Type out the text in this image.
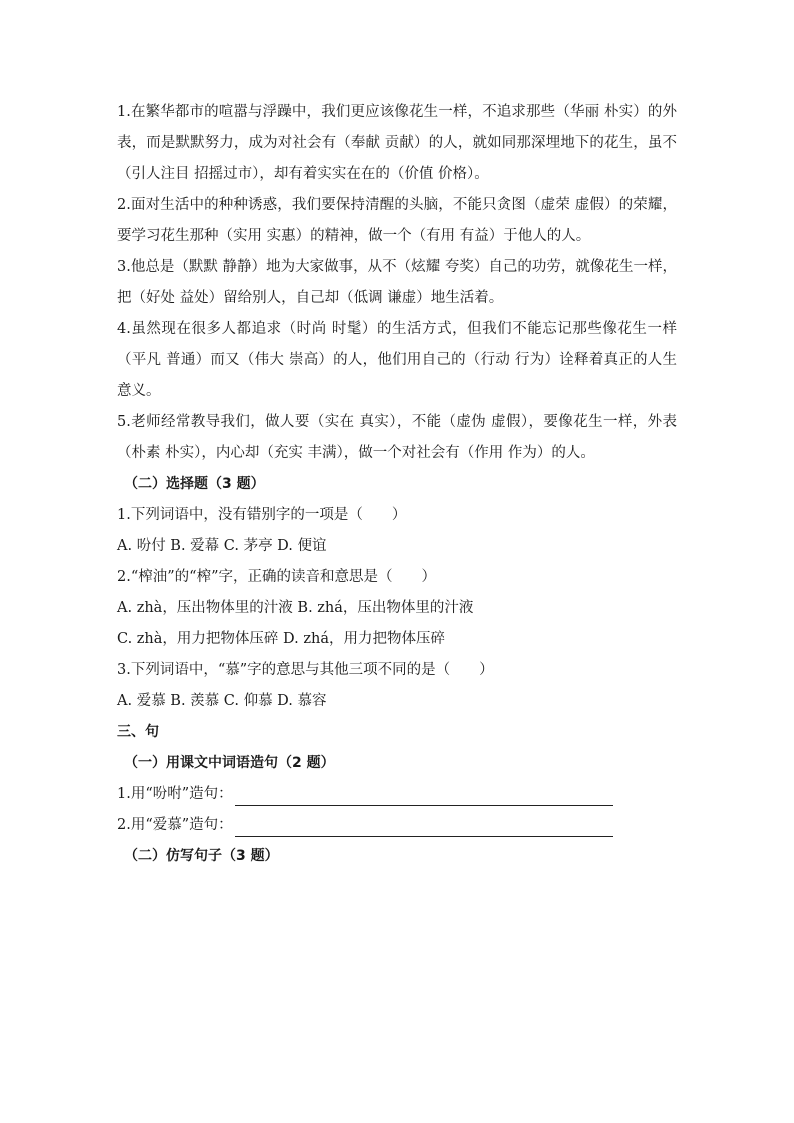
1.在繁华都市的喧嚣与浮躁中，我们更应该像花生一样，不追求那些（华丽 朴实）的外表，而是默默努力，成为对社会有（奉献 贡献）的人，就如同那深埋地下的花生，虽不（引人注目 招摇过市），却有着实实在在的（价值 价格）。

2.面对生活中的种种诱惑，我们要保持清醒的头脑，不能只贪图（虚荣 虚假）的荣耀，要学习花生那种（实用 实惠）的精神，做一个（有用 有益）于他人的人。

3.他总是（默默 静静）地为大家做事，从不（炫耀 夸奖）自己的功劳，就像花生一样，把（好处 益处）留给别人，自己却（低调 谦虚）地生活着。

4.虽然现在很多人都追求（时尚 时髦）的生活方式，但我们不能忘记那些像花生一样（平凡 普通）而又（伟大 崇高）的人，他们用自己的（行动 行为）诠释着真正的人生意义。

5.老师经常教导我们，做人要（实在 真实），不能（虚伪 虚假），要像花生一样，外表（朴素 朴实），内心却（充实 丰满），做一个对社会有（作用 作为）的人。

（二）选择题（3 题）

1.下列词语中，没有错别字的一项是（　　）

A. 吩付 B. 爱幕 C. 茅亭 D. 便谊

2.“榨油”的“榨”字，正确的读音和意思是（　　）

A. zhà，压出物体里的汁液 B. zhá，压出物体里的汁液

C. zhà，用力把物体压碎 D. zhá，用力把物体压碎

3.下列词语中，“慕”字的意思与其他三项不同的是（　　）

A. 爱慕 B. 羡慕 C. 仰慕 D. 慕容

三、句

（一）用课文中词语造句（2 题）

1.用“吩咐”造句：
2.用“爱慕”造句：

（二）仿写句子（3 题）
